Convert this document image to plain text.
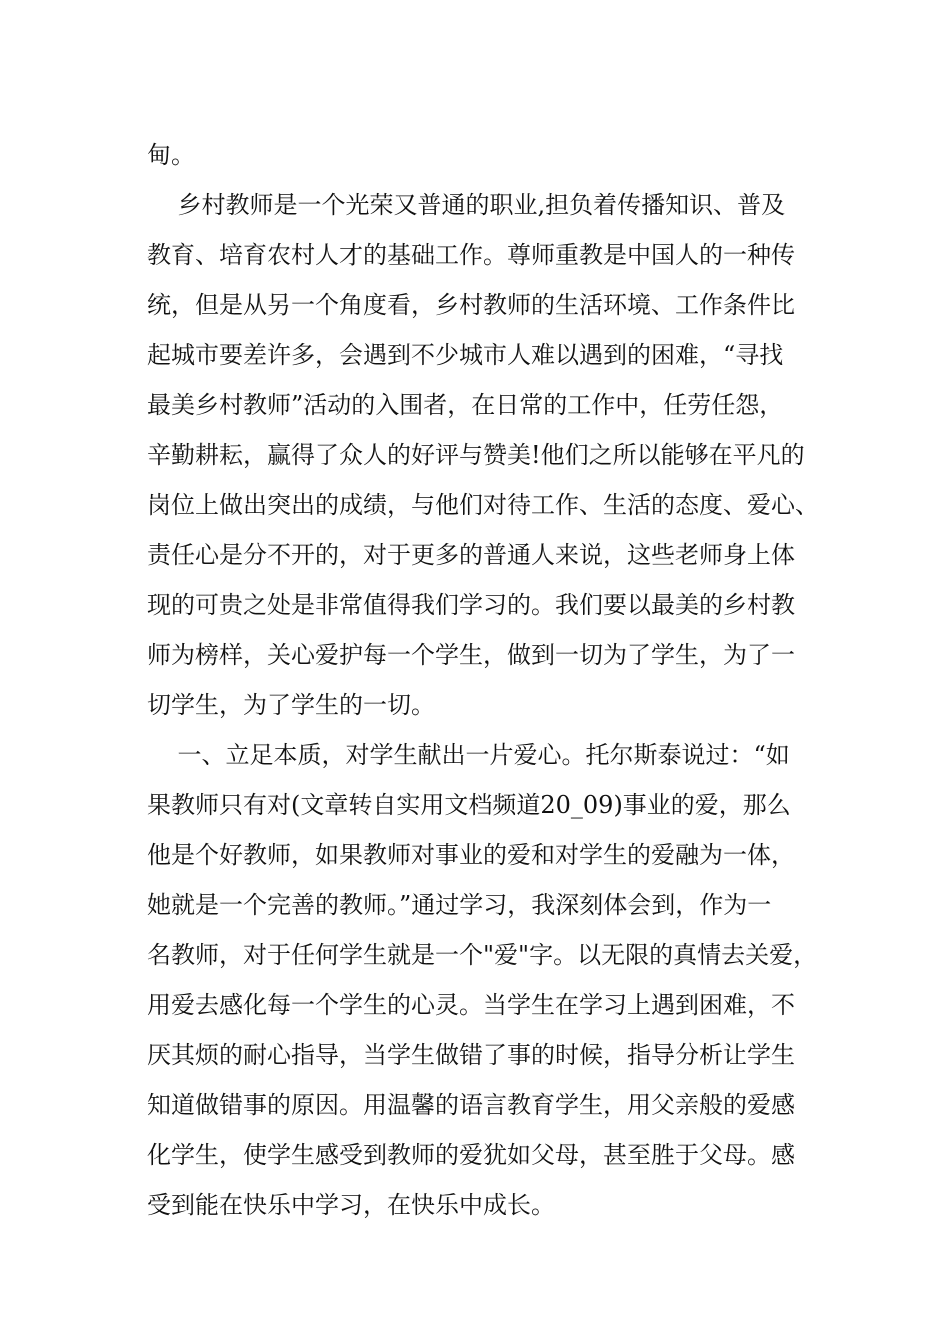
甸。
乡村教师是一个光荣又普通的职业,担负着传播知识、普及
教育、培育农村人才的基础工作。尊师重教是中国人的一种传
统，但是从另一个角度看，乡村教师的生活环境、工作条件比
起城市要差许多，会遇到不少城市人难以遇到的困难，“寻找
最美乡村教师”活动的入围者，在日常的工作中，任劳任怨，
辛勤耕耘，赢得了众人的好评与赞美!他们之所以能够在平凡的
岗位上做出突出的成绩，与他们对待工作、生活的态度、爱心、
责任心是分不开的，对于更多的普通人来说，这些老师身上体
现的可贵之处是非常值得我们学习的。我们要以最美的乡村教
师为榜样，关心爱护每一个学生，做到一切为了学生，为了一
切学生，为了学生的一切。
一、立足本质，对学生献出一片爱心。托尔斯泰说过：“如
果教师只有对(文章转自实用文档频道20_09)事业的爱，那么
他是个好教师，如果教师对事业的爱和对学生的爱融为一体，
她就是一个完善的教师。”通过学习，我深刻体会到，作为一
名教师，对于任何学生就是一个"爱"字。以无限的真情去关爱，
用爱去感化每一个学生的心灵。当学生在学习上遇到困难，不
厌其烦的耐心指导，当学生做错了事的时候，指导分析让学生
知道做错事的原因。用温馨的语言教育学生，用父亲般的爱感
化学生，使学生感受到教师的爱犹如父母，甚至胜于父母。感
受到能在快乐中学习，在快乐中成长。
